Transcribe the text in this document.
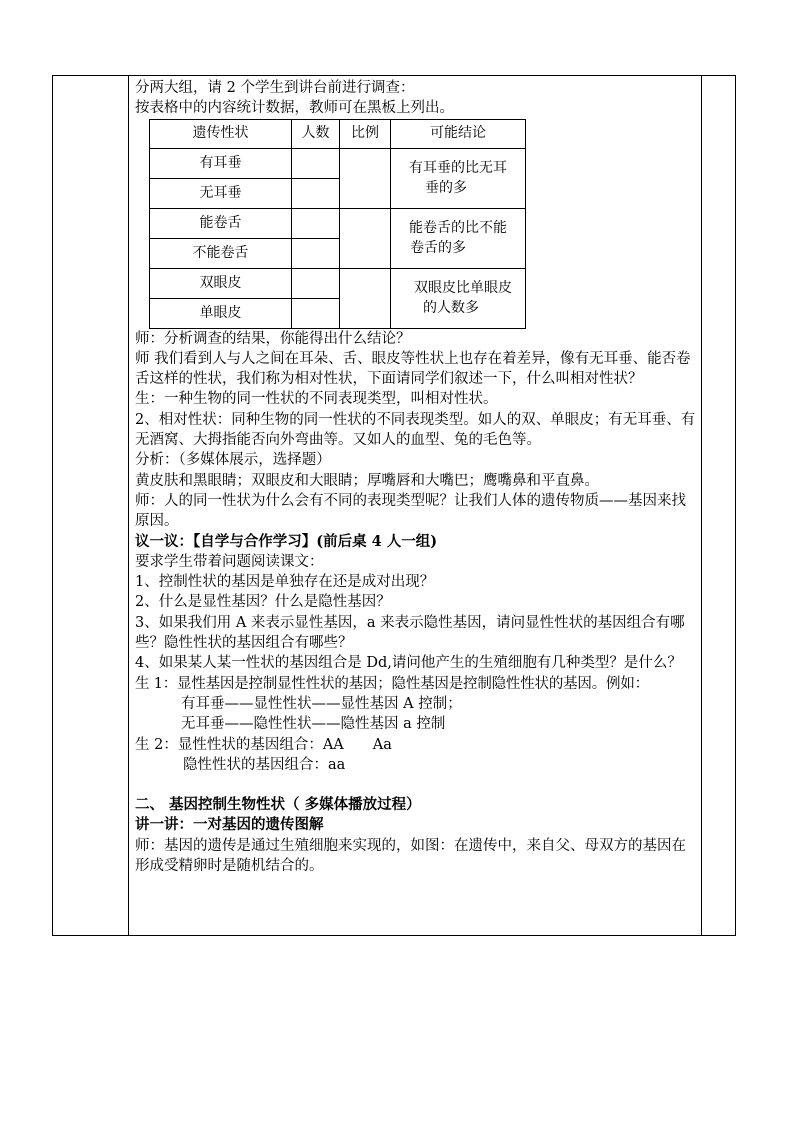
分两大组，请 2 个学生到讲台前进行调查：
按表格中的内容统计数据，教师可在黑板上列出。
遗传性状	人数	比例	可能结论
有耳垂			有耳垂的比无耳
垂的多

无耳垂			
能卷舌			能卷舌的比不能
卷舌的多

不能卷舌			
双眼皮			双眼皮比单眼皮
的人数多

单眼皮			
师：分析调查的结果，你能得出什么结论？
师 我们看到人与人之间在耳朵、舌、眼皮等性状上也存在着差异，像有无耳垂、能否卷舌这样的性状，我们称为相对性状，下面请同学们叙述一下，什么叫相对性状？
生：一种生物的同一性状的不同表现类型，叫相对性状。
2、相对性状：同种生物的同一性状的不同表现类型。如人的双、单眼皮；有无耳垂、有无酒窝、大拇指能否向外弯曲等。又如人的血型、兔的毛色等。
分析：（多媒体展示，选择题）
黄皮肤和黑眼睛；双眼皮和大眼睛；厚嘴唇和大嘴巴；鹰嘴鼻和平直鼻。
师：人的同一性状为什么会有不同的表现类型呢？让我们人体的遗传物质——基因来找原因。
议一议：【自学与合作学习】(前后桌 4 人一组)
要求学生带着问题阅读课文：
1、控制性状的基因是单独存在还是成对出现？
2、什么是显性基因？什么是隐性基因？
3、如果我们用 A 来表示显性基因，a 来表示隐性基因，请问显性性状的基因组合有哪些？隐性性状的基因组合有哪些？
4、如果某人某一性状的基因组合是 Dd,请问他产生的生殖细胞有几种类型？是什么？
生 1：显性基因是控制显性性状的基因；隐性基因是控制隐性性状的基因。例如：
有耳垂——显性性状——显性基因 A 控制；
无耳垂——隐性性状——隐性基因 a 控制
生 2：显性性状的基因组合：AA　　Aa
隐性性状的基因组合：aa
二、 基因控制生物性状（ 多媒体播放过程）
讲一讲：一对基因的遗传图解
师：基因的遗传是通过生殖细胞来实现的，如图：在遗传中，来自父、母双方的基因在形成受精卵时是随机结合的。
